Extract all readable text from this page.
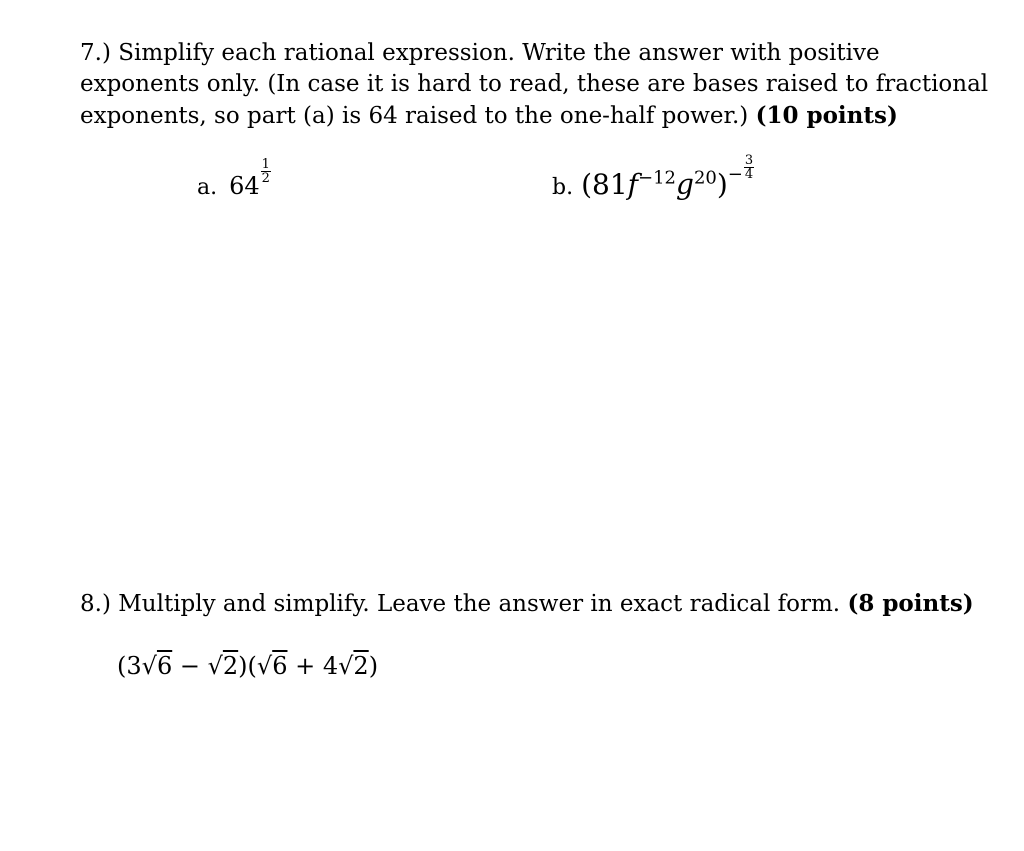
7.) Simplify each rational expression. Write the answer with positive exponents only. (In case it is hard to read, these are bases raised to fractional exponents, so part (a) is 64 raised to the one-half power.) (10 points)
a. 64
$\frac{1}{2}$
b. $(81f^{-12}g^{20})^- \frac{3}{4}$
8.) Multiply and simplify. Leave the answer in exact radical form. (8 points)
(3√6 − √2)(√6 + 4√2)
